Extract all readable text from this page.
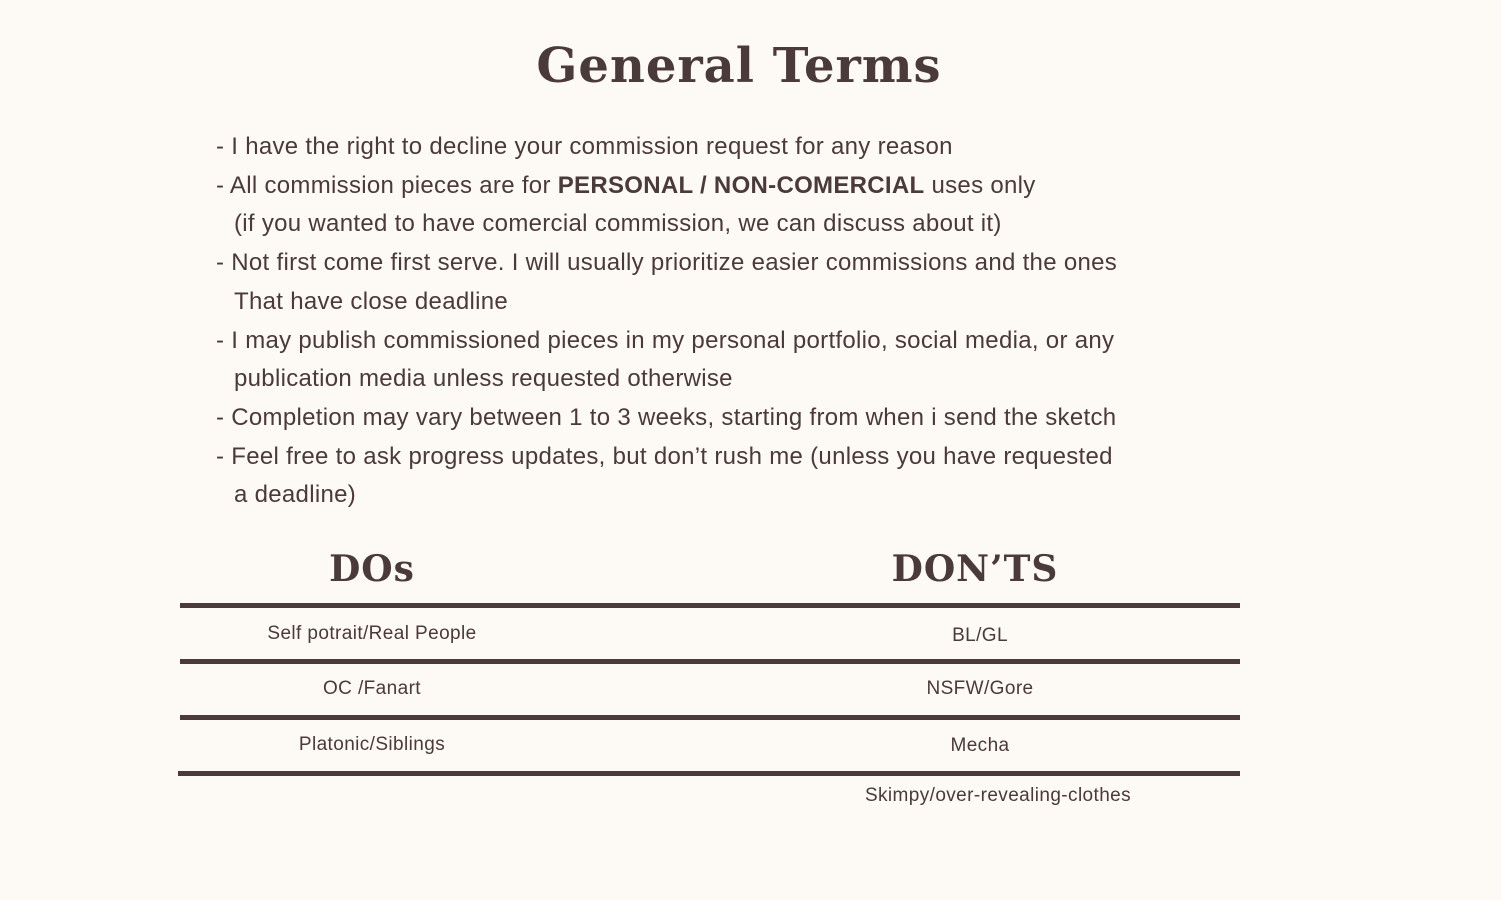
General Terms
- I have the right to decline your commission request for any reason
- All commission pieces are for PERSONAL / NON-COMERCIAL uses only
(if you wanted to have comercial commission, we can discuss about it)
- Not first come first serve. I will usually prioritize easier commissions and the ones
That have close deadline
- I may publish commissioned pieces in my personal portfolio, social media, or any
publication media unless requested otherwise
- Completion may vary between 1 to 3 weeks, starting from when i send the sketch
- Feel free to ask progress updates, but don’t rush me (unless you have requested
a deadline)
DOs	DON’TS
Self potrait/Real People
OC /Fanart
Platonic/Siblings
BL/GL
NSFW/Gore
Mecha
Skimpy/over-revealing-clothes
